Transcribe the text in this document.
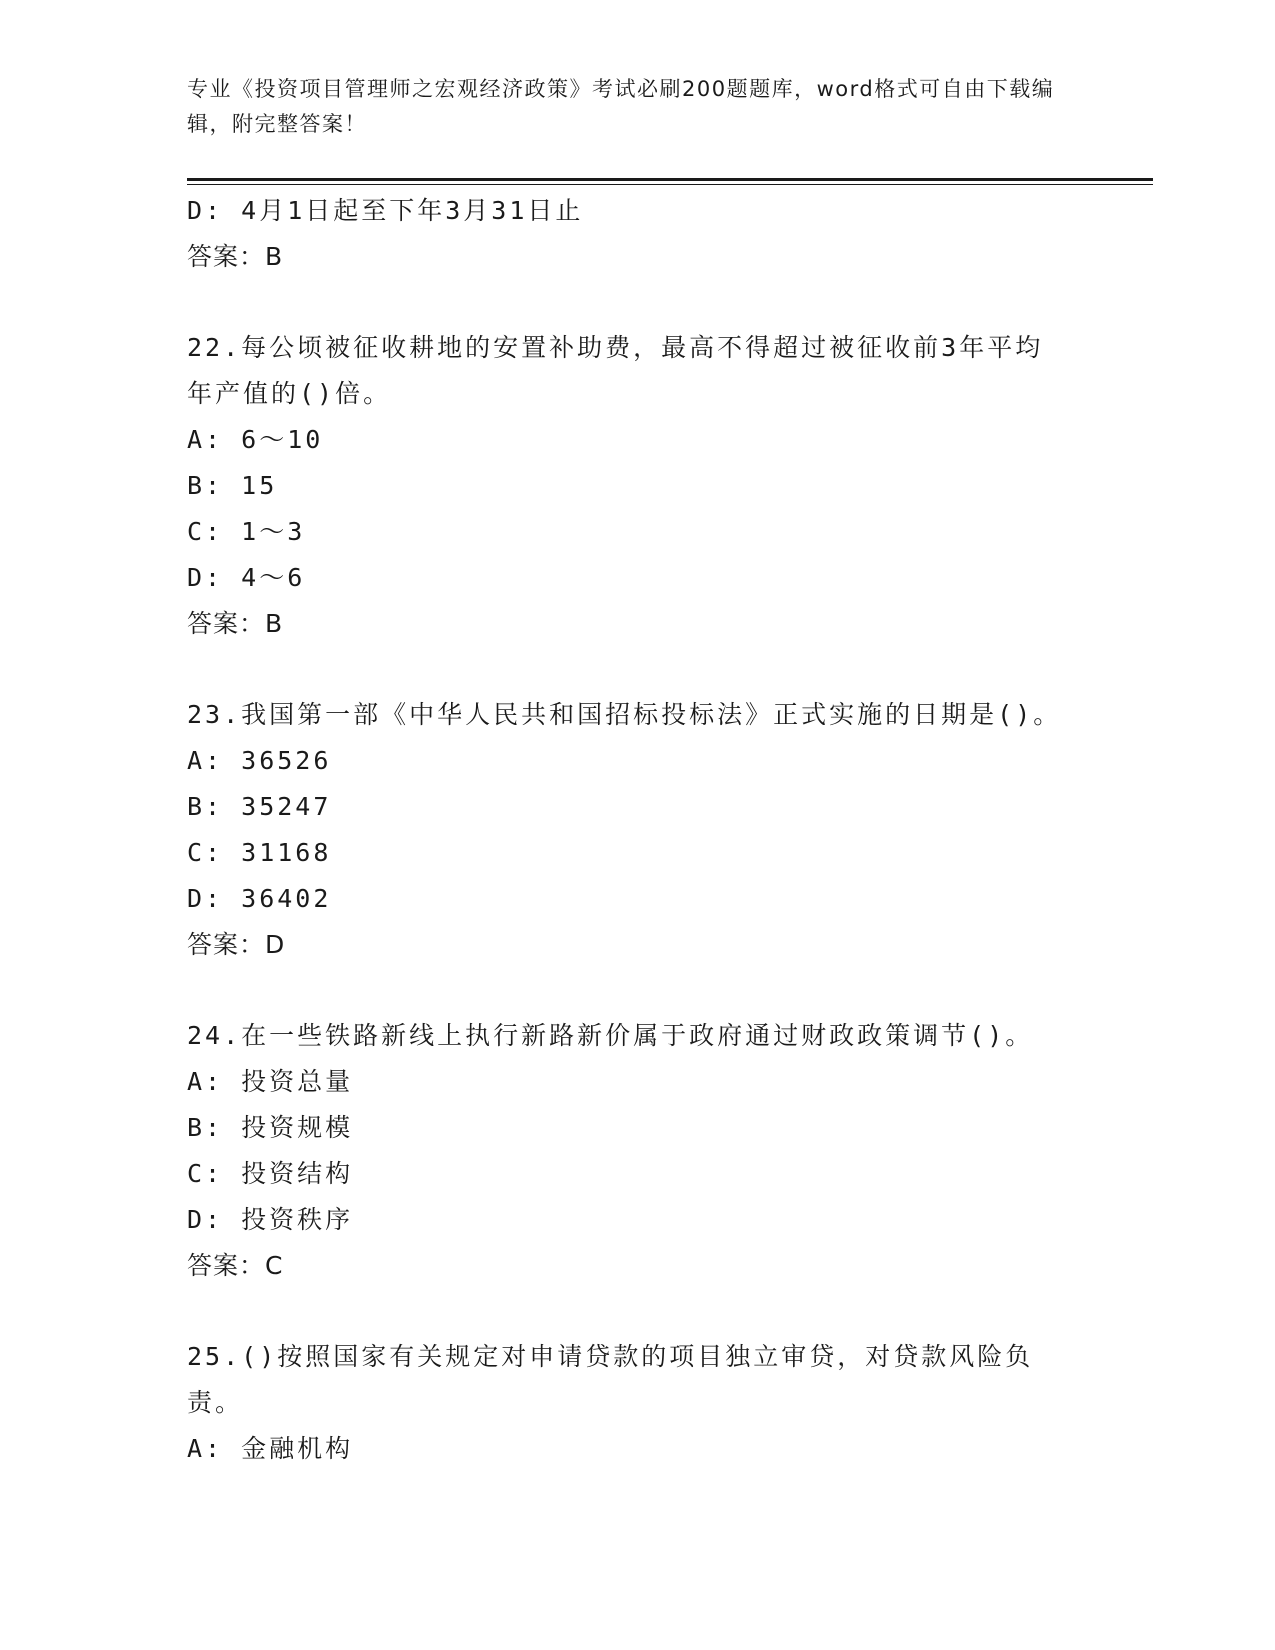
专业《投资项目管理师之宏观经济政策》考试必刷200题题库，word格式可自由下载编辑，附完整答案！
D: 4月1日起至下年3月31日止
答案：B
22.每公顷被征收耕地的安置补助费，最高不得超过被征收前3年平均年产值的()倍。
A: 6～10
B: 15
C: 1～3
D: 4～6
答案：B
23.我国第一部《中华人民共和国招标投标法》正式实施的日期是()。
A: 36526
B: 35247
C: 31168
D: 36402
答案：D
24.在一些铁路新线上执行新路新价属于政府通过财政政策调节()。
A: 投资总量
B: 投资规模
C: 投资结构
D: 投资秩序
答案：C
25.()按照国家有关规定对申请贷款的项目独立审贷，对贷款风险负责。
A: 金融机构
